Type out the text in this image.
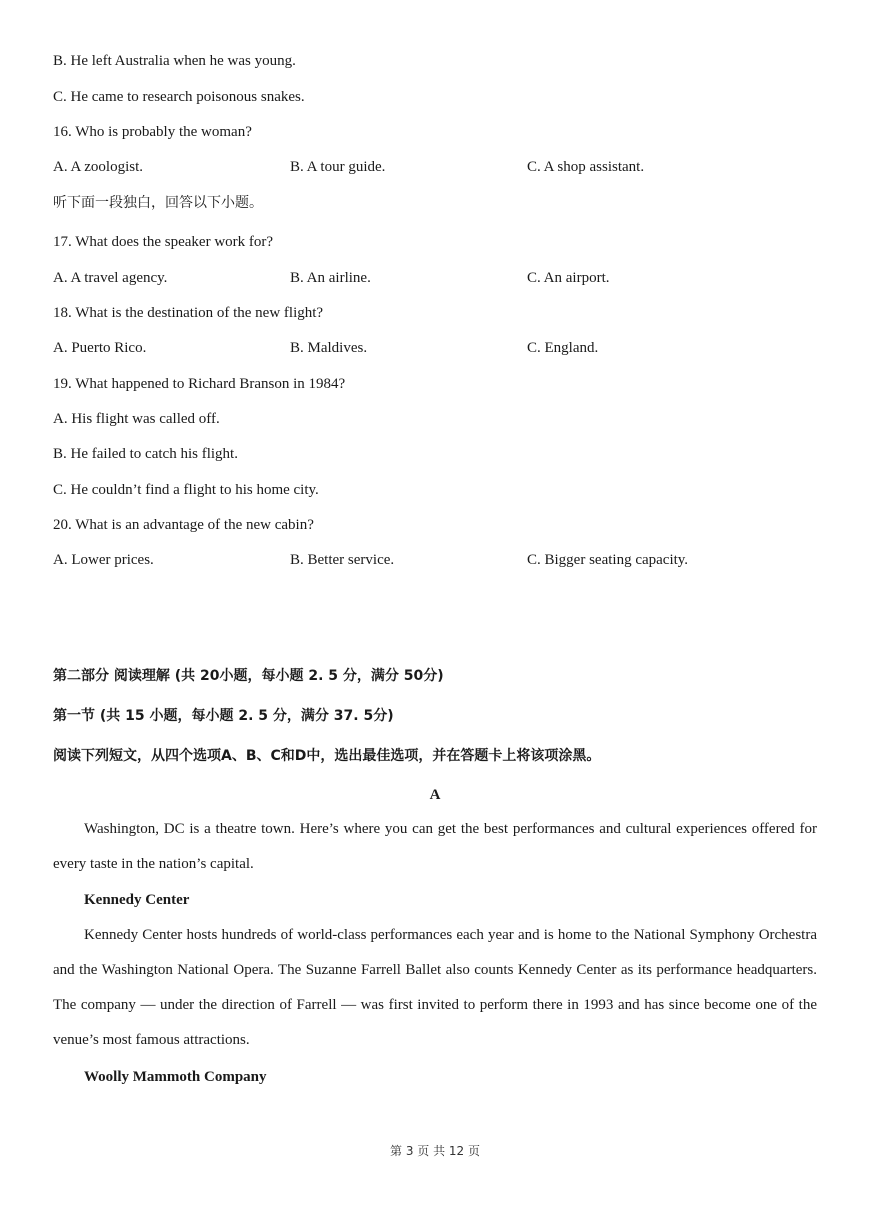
B. He left Australia when he was young.
C. He came to research poisonous snakes.
16. Who is probably the woman?
A. A zoologist.	B. A tour guide.	C. A shop assistant.
听下面一段独白，回答以下小题。
17. What does the speaker work for?
A. A travel agency.	B. An airline.	C. An airport.
18. What is the destination of the new flight?
A. Puerto Rico.	B. Maldives.	C. England.
19. What happened to Richard Branson in 1984?
A. His flight was called off.
B. He failed to catch his flight.
C. He couldn’t find a flight to his home city.
20. What is an advantage of the new cabin?
A. Lower prices.	B. Better service.	C. Bigger seating capacity.
第二部分 阅读理解 (共 20小题，每小题 2. 5 分，满分 50分)
第一节 (共 15 小题，每小题 2. 5 分，满分 37. 5分)
阅读下列短文，从四个选项A、B、C和D中，选出最佳选项，并在答题卡上将该项涂黑。
A
Washington, DC is a theatre town. Here’s where you can get the best performances and cultural experiences offered for every taste in the nation’s capital.
Kennedy Center
Kennedy Center hosts hundreds of world-class performances each year and is home to the National Symphony Orchestra and the Washington National Opera. The Suzanne Farrell Ballet also counts Kennedy Center as its performance headquarters. The company — under the direction of Farrell — was first invited to perform there in 1993 and has since become one of the venue’s most famous attractions.
Woolly Mammoth Company
第 3 页 共 12 页
